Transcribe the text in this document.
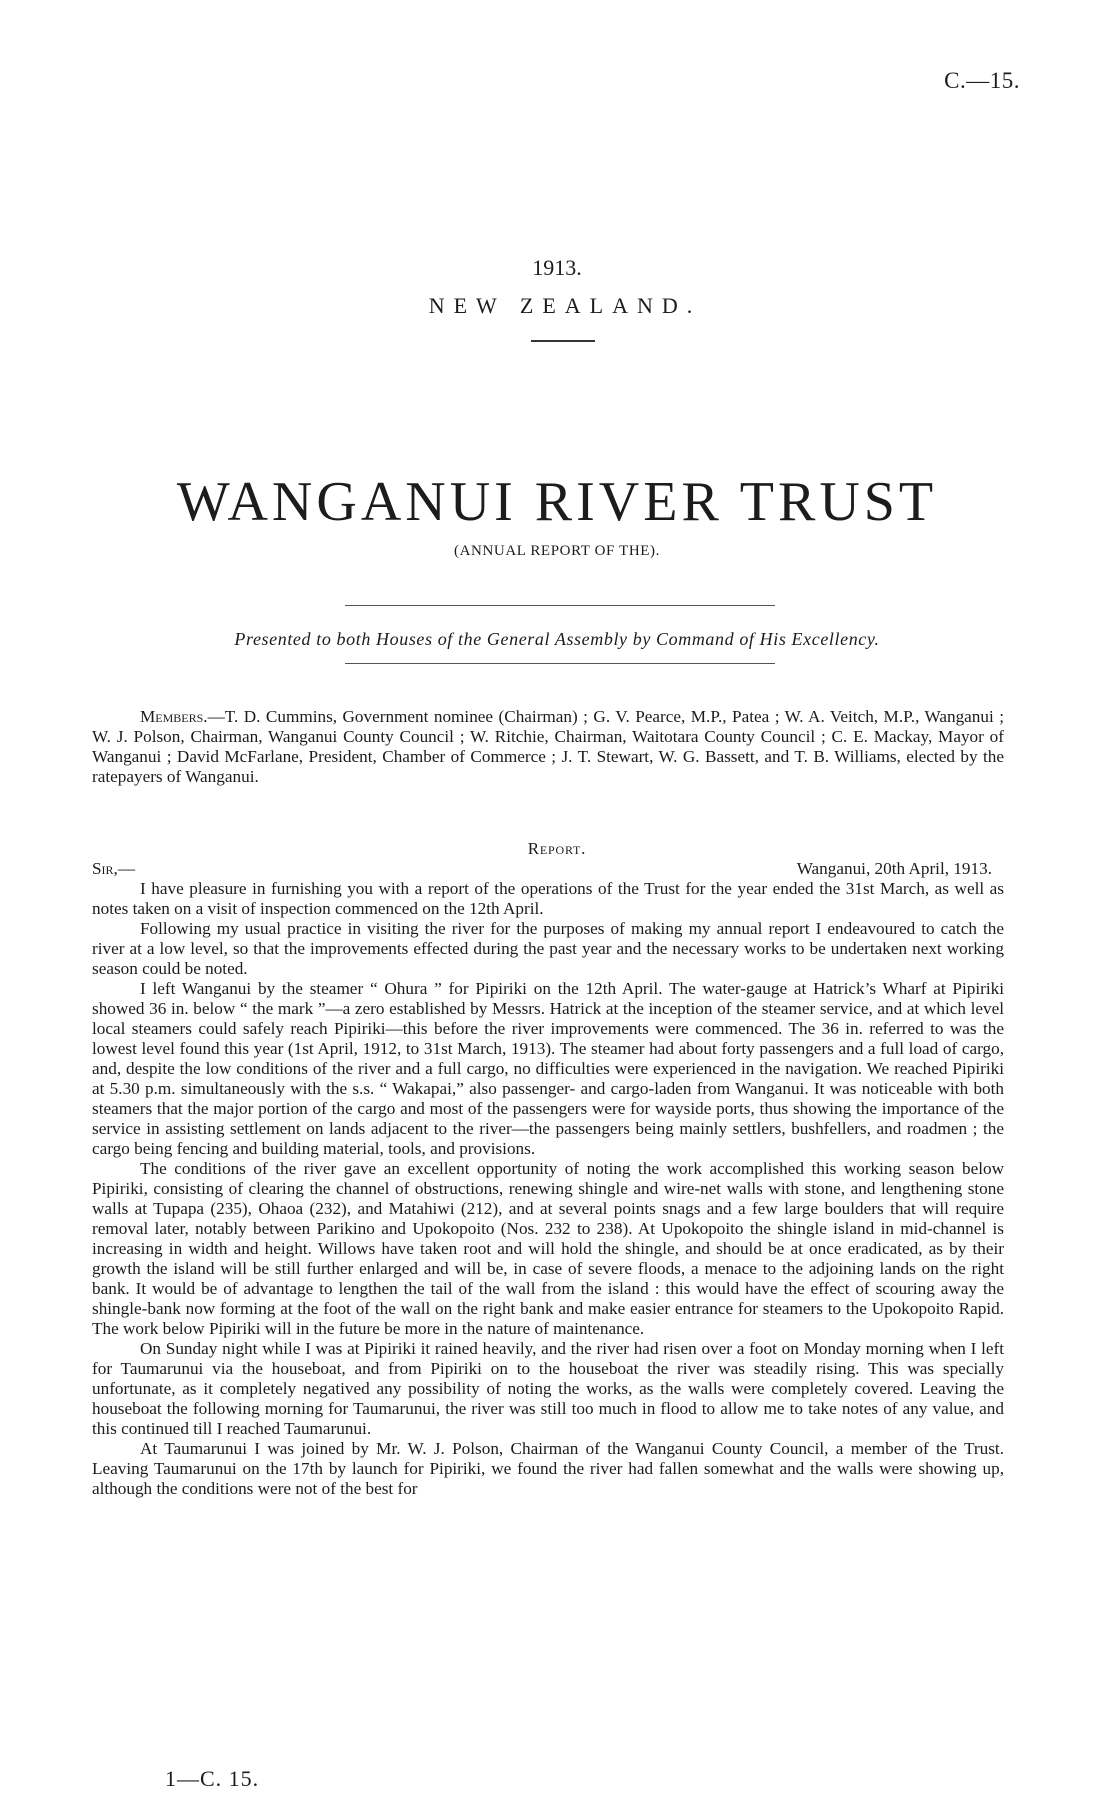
C.—15.
1913.
NEW ZEALAND.
WANGANUI RIVER TRUST
(ANNUAL REPORT OF THE).
Presented to both Houses of the General Assembly by Command of His Excellency.
Members.—T. D. Cummins, Government nominee (Chairman) ; G. V. Pearce, M.P., Patea ; W. A. Veitch, M.P., Wanganui ; W. J. Polson, Chairman, Wanganui County Council ; W. Ritchie, Chairman, Waitotara County Council ; C. E. Mackay, Mayor of Wanganui ; David McFarlane, President, Chamber of Commerce ; J. T. Stewart, W. G. Bassett, and T. B. Williams, elected by the ratepayers of Wanganui.
Report.
Sir,—	Wanganui, 20th April, 1913.

I have pleasure in furnishing you with a report of the operations of the Trust for the year ended the 31st March, as well as notes taken on a visit of inspection commenced on the 12th April.

Following my usual practice in visiting the river for the purposes of making my annual report I endeavoured to catch the river at a low level, so that the improvements effected during the past year and the necessary works to be undertaken next working season could be noted.

I left Wanganui by the steamer “ Ohura ” for Pipiriki on the 12th April. The water-gauge at Hatrick’s Wharf at Pipiriki showed 36 in. below “ the mark ”—a zero established by Messrs. Hatrick at the inception of the steamer service, and at which level local steamers could safely reach Pipiriki—this before the river improvements were commenced. The 36 in. referred to was the lowest level found this year (1st April, 1912, to 31st March, 1913). The steamer had about forty passengers and a full load of cargo, and, despite the low conditions of the river and a full cargo, no difficulties were experienced in the navigation. We reached Pipiriki at 5.30 p.m. simultaneously with the s.s. “ Wakapai,” also passenger- and cargo-laden from Wanganui. It was noticeable with both steamers that the major portion of the cargo and most of the passengers were for wayside ports, thus showing the importance of the service in assisting settlement on lands adjacent to the river—the passengers being mainly settlers, bushfellers, and roadmen ; the cargo being fencing and building material, tools, and provisions.

The conditions of the river gave an excellent opportunity of noting the work accomplished this working season below Pipiriki, consisting of clearing the channel of obstructions, renewing shingle and wire-net walls with stone, and lengthening stone walls at Tupapa (235), Ohaoa (232), and Matahiwi (212), and at several points snags and a few large boulders that will require removal later, notably between Parikino and Upokopoito (Nos. 232 to 238). At Upokopoito the shingle island in mid-channel is increasing in width and height. Willows have taken root and will hold the shingle, and should be at once eradicated, as by their growth the island will be still further enlarged and will be, in case of severe floods, a menace to the adjoining lands on the right bank. It would be of advantage to lengthen the tail of the wall from the island : this would have the effect of scouring away the shingle-bank now forming at the foot of the wall on the right bank and make easier entrance for steamers to the Upokopoito Rapid. The work below Pipiriki will in the future be more in the nature of maintenance.

On Sunday night while I was at Pipiriki it rained heavily, and the river had risen over a foot on Monday morning when I left for Taumarunui via the houseboat, and from Pipiriki on to the houseboat the river was steadily rising. This was specially unfortunate, as it completely negatived any possibility of noting the works, as the walls were completely covered. Leaving the houseboat the following morning for Taumarunui, the river was still too much in flood to allow me to take notes of any value, and this continued till I reached Taumarunui.

At Taumarunui I was joined by Mr. W. J. Polson, Chairman of the Wanganui County Council, a member of the Trust. Leaving Taumarunui on the 17th by launch for Pipiriki, we found the river had fallen somewhat and the walls were showing up, although the conditions were not of the best for

1—C. 15.
